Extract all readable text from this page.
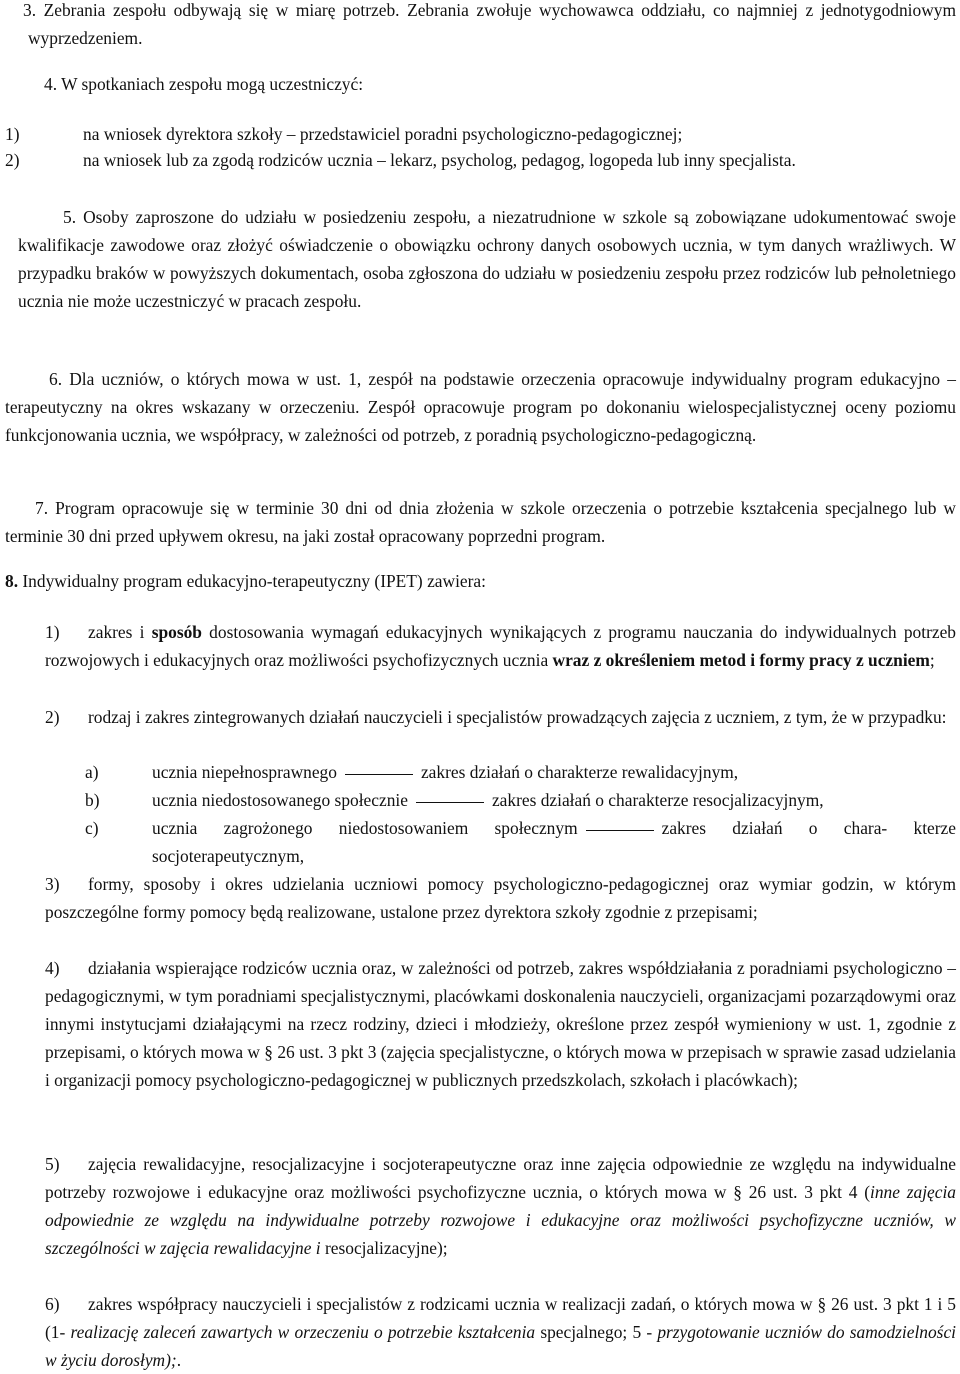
3. Zebrania zespołu odbywają się w miarę potrzeb. Zebrania zwołuje wychowawca oddziału, co najmniej z jednotygodniowym wyprzedzeniem.

4. W spotkaniach zespołu mogą uczestniczyć:

1)	na wniosek dyrektora szkoły – przedstawiciel poradni psychologiczno-pedagogicznej;
2)	na wniosek lub za zgodą rodziców ucznia – lekarz, psycholog, pedagog, logopeda lub inny specjalista.

5. Osoby zaproszone do udziału w posiedzeniu zespołu, a niezatrudnione w szkole są zobowiązane udokumentować swoje kwalifikacje zawodowe oraz złożyć oświadczenie o obowiązku ochrony danych osobowych ucznia, w tym danych wrażliwych. W przypadku braków w powyższych dokumentach, osoba zgłoszona do udziału w posiedzeniu zespołu przez rodziców lub pełnoletniego ucznia nie może uczestniczyć w pracach zespołu.

6. Dla uczniów, o których mowa w ust. 1, zespół na podstawie orzeczenia opracowuje indywidualny program edukacyjno – terapeutyczny na okres wskazany w orzeczeniu. Zespół opracowuje program po dokonaniu wielospecjalistycznej oceny poziomu funkcjonowania ucznia, we współpracy, w zależności od potrzeb, z poradnią psychologiczno-pedagogiczną.

7. Program opracowuje się w terminie 30 dni od dnia złożenia w szkole orzeczenia o potrzebie kształcenia specjalnego lub w terminie 30 dni przed upływem okresu, na jaki został opracowany poprzedni program.

8. Indywidualny program edukacyjno-terapeutyczny (IPET) zawiera:

1)	zakres i sposób dostosowania wymagań edukacyjnych wynikających z programu nauczania do indywidualnych potrzeb rozwojowych i edukacyjnych oraz możliwości psychofizycznych ucznia wraz z określeniem metod i formy pracy z uczniem;
2)	rodzaj i zakres zintegrowanych działań nauczycieli i specjalistów prowadzących zajęcia z uczniem, z tym, że w przypadku:
a)	ucznia niepełnosprawnego	zakres działań o charakterze rewalidacyjnym,
b)	ucznia niedostosowanego społecznie	zakres działań o charakterze resocjalizacyjnym,
c)	ucznia zagrożonego niedostosowaniem społecznym	zakres działań o chara- kterze socjoterapeutycznym,
3)	formy, sposoby i okres udzielania uczniowi pomocy psychologiczno-pedagogicznej oraz wymiar godzin, w którym poszczególne formy pomocy będą realizowane, ustalone przez dyrektora szkoły zgodnie z przepisami;
4)	działania wspierające rodziców ucznia oraz, w zależności od potrzeb, zakres współdziałania z poradniami psychologiczno – pedagogicznymi, w tym poradniami specjalistycznymi, placówkami doskonalenia nauczycieli, organizacjami pozarządowymi oraz innymi instytucjami działającymi na rzecz rodziny, dzieci i młodzieży, określone przez zespół wymieniony w ust. 1, zgodnie z przepisami, o których mowa w § 26 ust. 3 pkt 3 (zajęcia specjalistyczne, o których mowa w przepisach w sprawie zasad udzielania i organizacji pomocy psychologiczno-pedagogicznej w publicznych przedszkolach, szkołach i placówkach);
5)	zajęcia rewalidacyjne, resocjalizacyjne i socjoterapeutyczne oraz inne zajęcia odpowiednie ze względu na indywidualne potrzeby rozwojowe i edukacyjne oraz możliwości psychofizyczne ucznia, o których mowa w § 26 ust. 3 pkt 4 (inne zajęcia odpowiednie ze względu na indywidualne potrzeby rozwojowe i edukacyjne oraz możliwości psychofizyczne uczniów, w szczególności w zajęcia rewalidacyjne i resocjalizacyjne);
6)	zakres współpracy nauczycieli i specjalistów z rodzicami ucznia w realizacji zadań, o których mowa w § 26 ust. 3 pkt 1 i 5 (1- realizację zaleceń zawartych w orzeczeniu o potrzebie kształcenia specjalnego; 5 - przygotowanie uczniów do samodzielności w życiu dorosłym);.
